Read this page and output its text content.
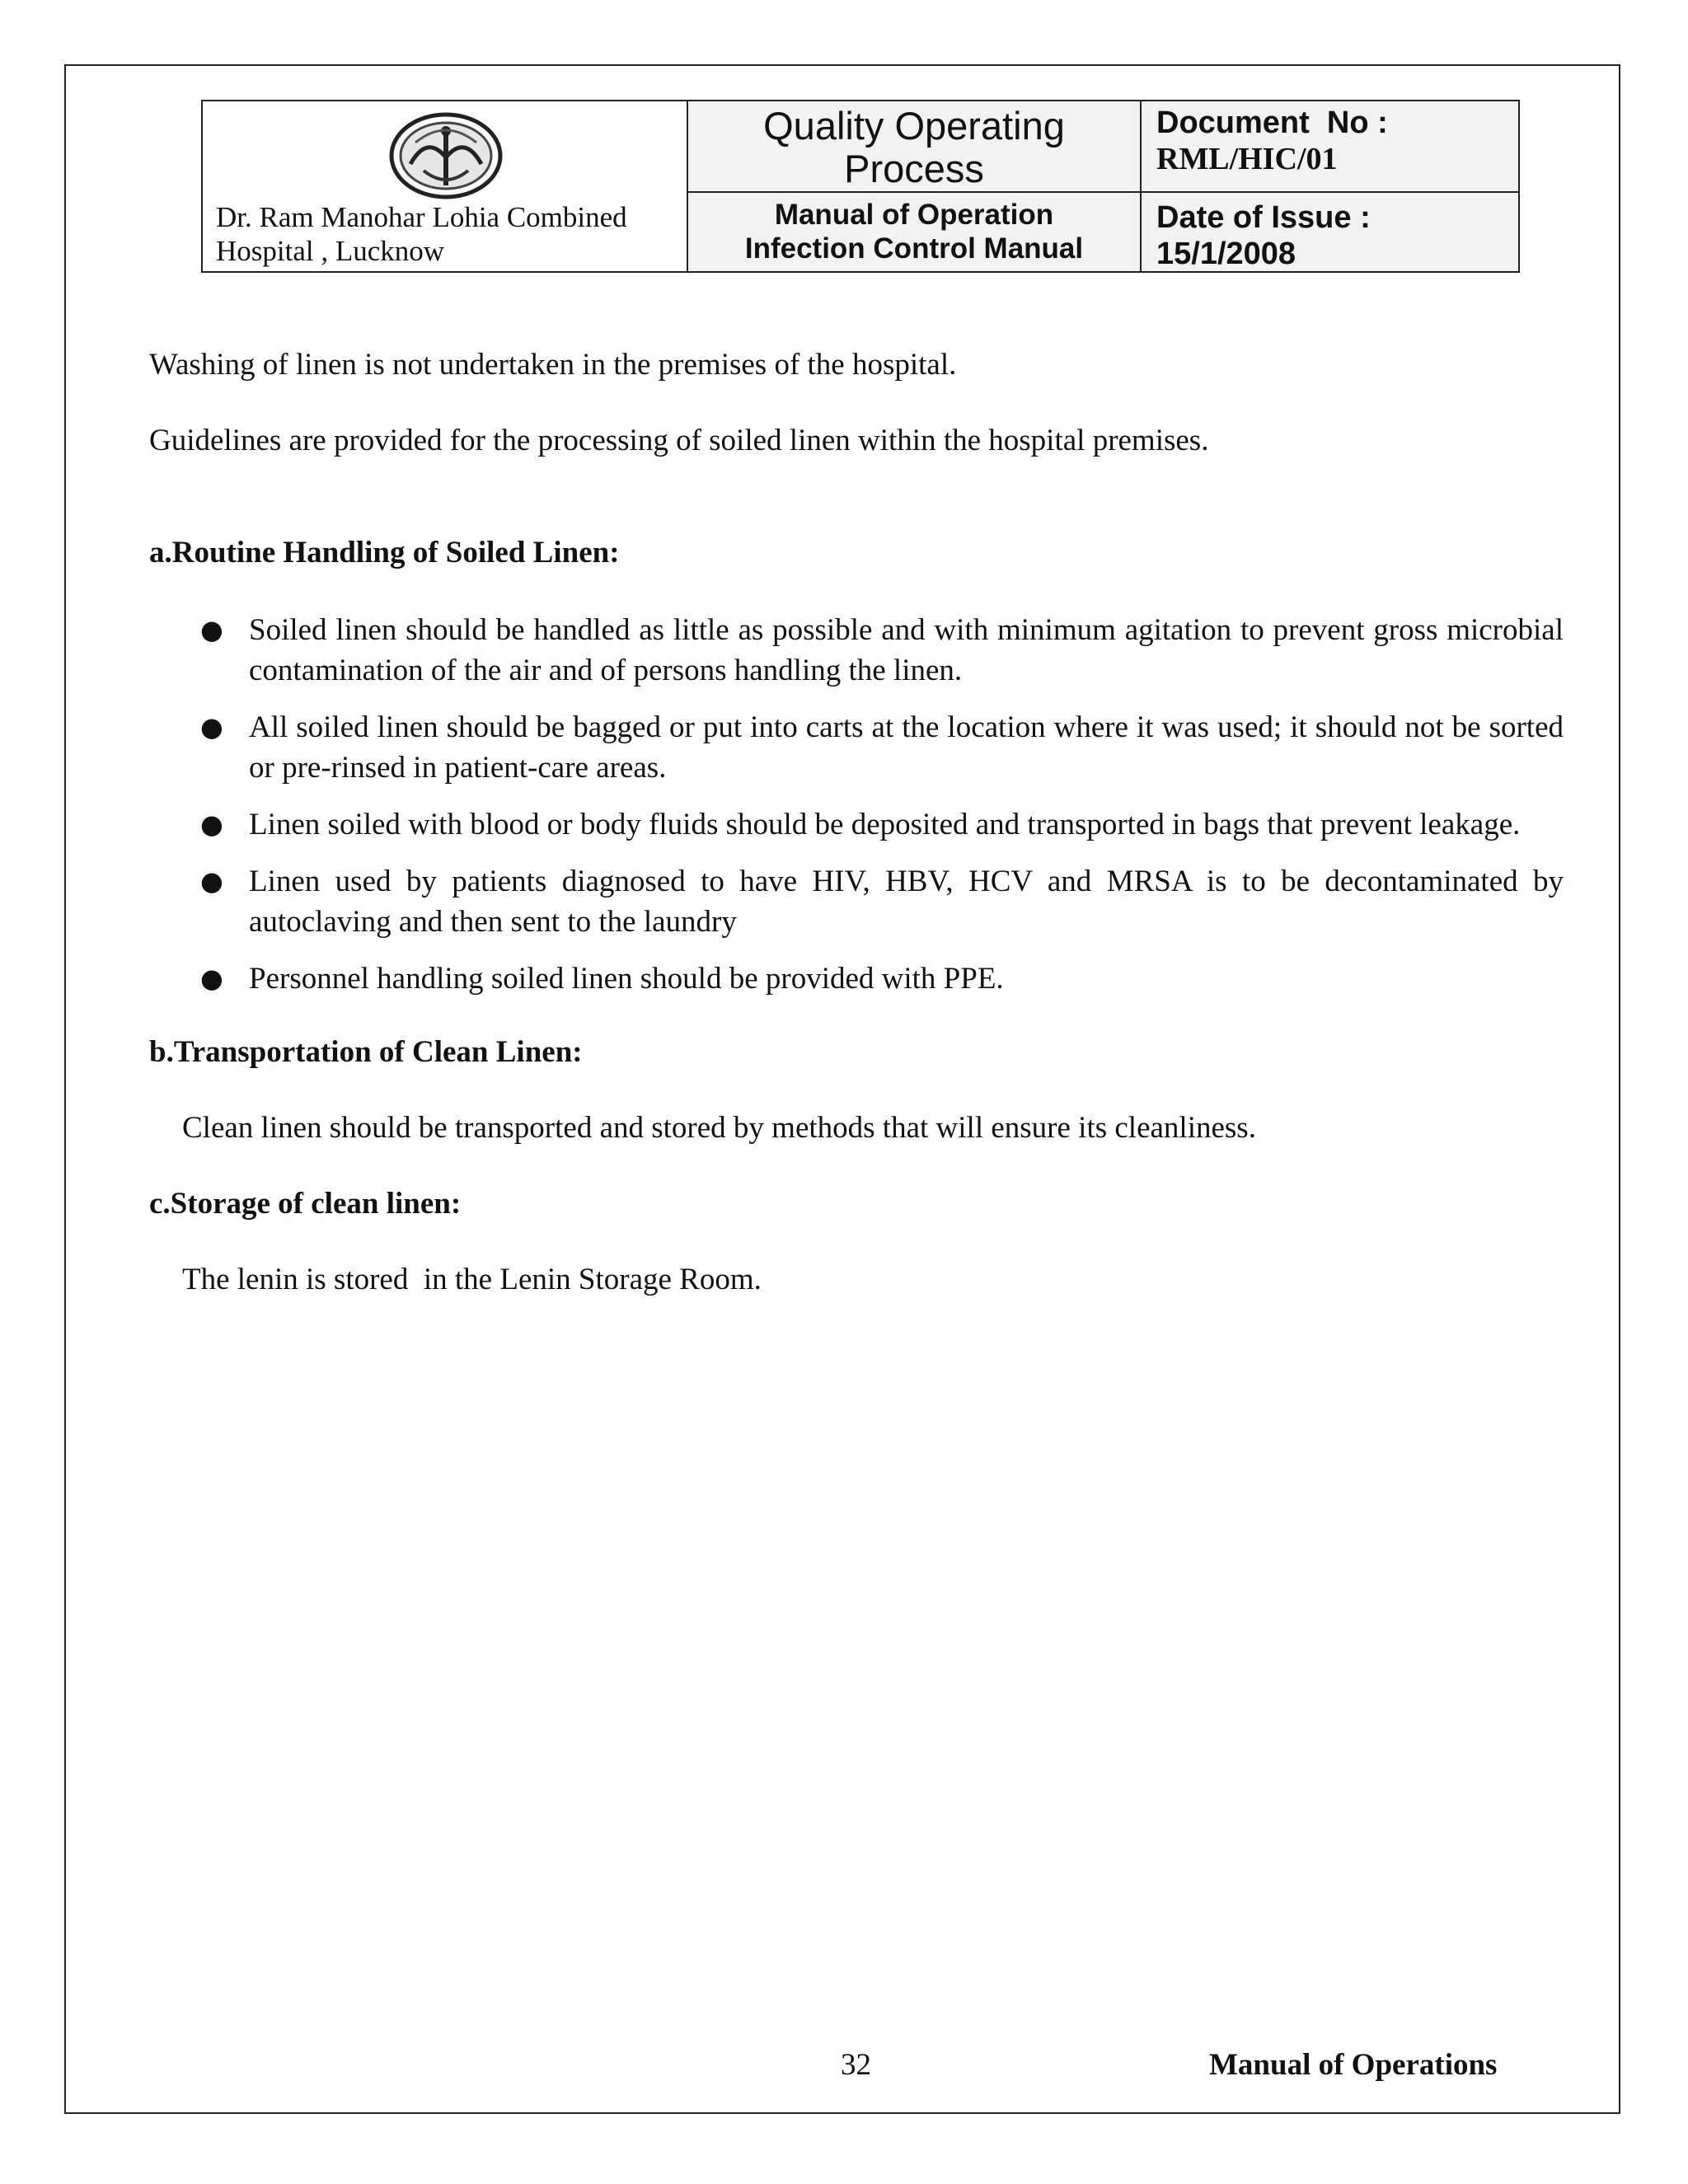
Dr. Ram Manohar Lohia Combined Hospital , Lucknow
Quality Operating
Process
Manual of Operation
Infection Control Manual
Document  No :
RML/HIC/01
Date of Issue :
15/1/2008

Washing of linen is not undertaken in the premises of the hospital.

Guidelines are provided for the processing of soiled linen within the hospital premises.

a.Routine Handling of Soiled Linen:

● Soiled linen should be handled as little as possible and with minimum agitation to prevent gross microbial contamination of the air and of persons handling the linen.
● All soiled linen should be bagged or put into carts at the location where it was used; it should not be sorted or pre-rinsed in patient-care areas.
● Linen soiled with blood or body fluids should be deposited and transported in bags that prevent leakage.
● Linen used by patients diagnosed to have HIV, HBV, HCV and MRSA is to be decontaminated by autoclaving and then sent to the laundry
● Personnel handling soiled linen should be provided with PPE.

b.Transportation of Clean Linen:

Clean linen should be transported and stored by methods that will ensure its cleanliness.

c.Storage of clean linen:

The lenin is stored  in the Lenin Storage Room.

32	Manual of Operations
